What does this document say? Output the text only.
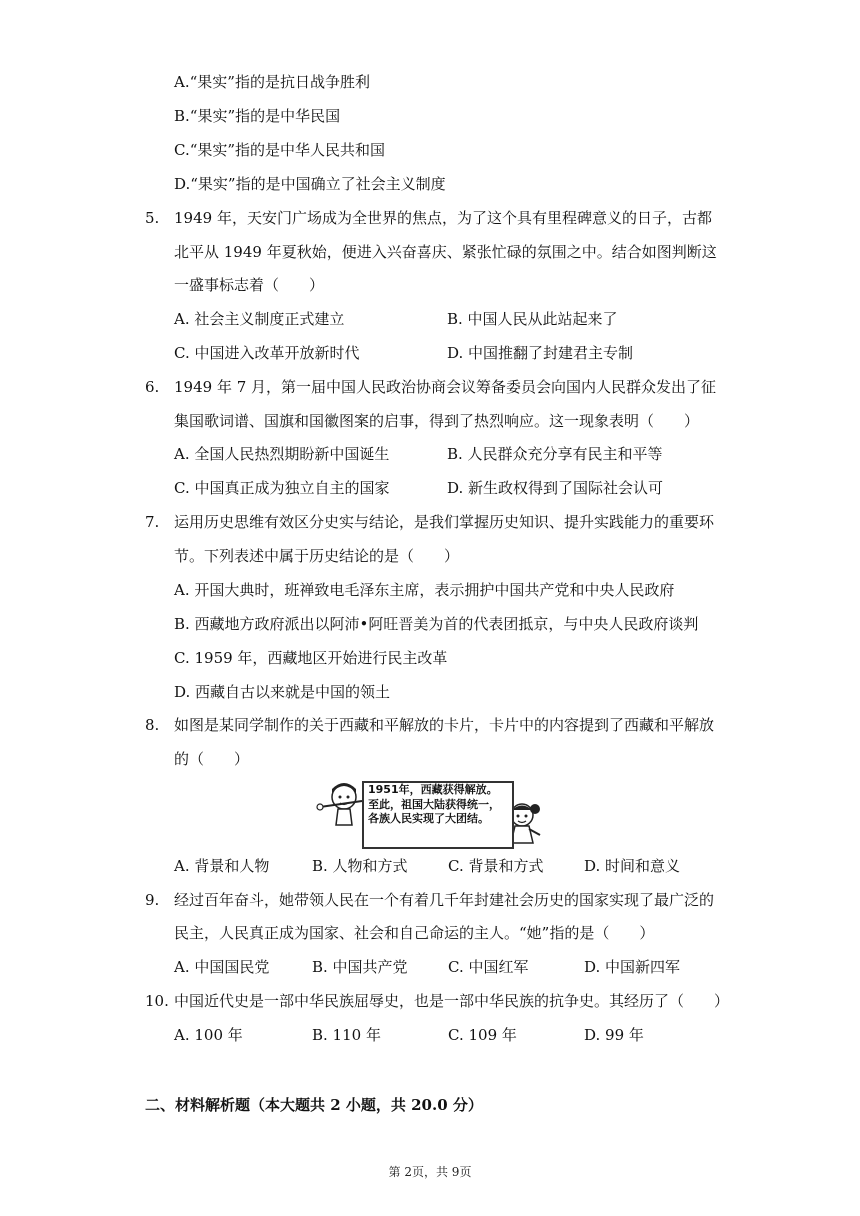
A.“果实”指的是抗日战争胜利
B.“果实”指的是中华民国
C.“果实”指的是中华人民共和国
D.“果实”指的是中国确立了社会主义制度
5. 1949 年，天安门广场成为全世界的焦点，为了这个具有里程碑意义的日子，古都
北平从 1949 年夏秋始，便进入兴奋喜庆、紧张忙碌的氛围之中。结合如图判断这
一盛事标志着（　　）
A. 社会主义制度正式建立	B. 中国人民从此站起来了
C. 中国进入改革开放新时代	D. 中国推翻了封建君主专制
6. 1949 年 7 月，第一届中国人民政治协商会议筹备委员会向国内人民群众发出了征
集国歌词谱、国旗和国徽图案的启事，得到了热烈响应。这一现象表明（　　）
A. 全国人民热烈期盼新中国诞生	B. 人民群众充分享有民主和平等
C. 中国真正成为独立自主的国家	D. 新生政权得到了国际社会认可
7. 运用历史思维有效区分史实与结论，是我们掌握历史知识、提升实践能力的重要环
节。下列表述中属于历史结论的是（　　）
A. 开国大典时，班禅致电毛泽东主席，表示拥护中国共产党和中央人民政府
B. 西藏地方政府派出以阿沛•阿旺晋美为首的代表团抵京，与中央人民政府谈判
C. 1959 年，西藏地区开始进行民主改革
D. 西藏自古以来就是中国的领土
8. 如图是某同学制作的关于西藏和平解放的卡片，卡片中的内容提到了西藏和平解放
的（　　）
1951年，西藏获得解放。至此，祖国大陆获得统一，各族人民实现了大团结。
A. 背景和人物	B. 人物和方式	C. 背景和方式	D. 时间和意义
9. 经过百年奋斗，她带领人民在一个有着几千年封建社会历史的国家实现了最广泛的
民主，人民真正成为国家、社会和自己命运的主人。“她”指的是（　　）
A. 中国国民党	B. 中国共产党	C. 中国红军	D. 中国新四军
10. 中国近代史是一部中华民族屈辱史，也是一部中华民族的抗争史。其经历了（　　）
A. 100 年	B. 110 年	C. 109 年	D. 99 年
二、材料解析题（本大题共 2 小题，共 20.0 分）
第 2页，共 9页
